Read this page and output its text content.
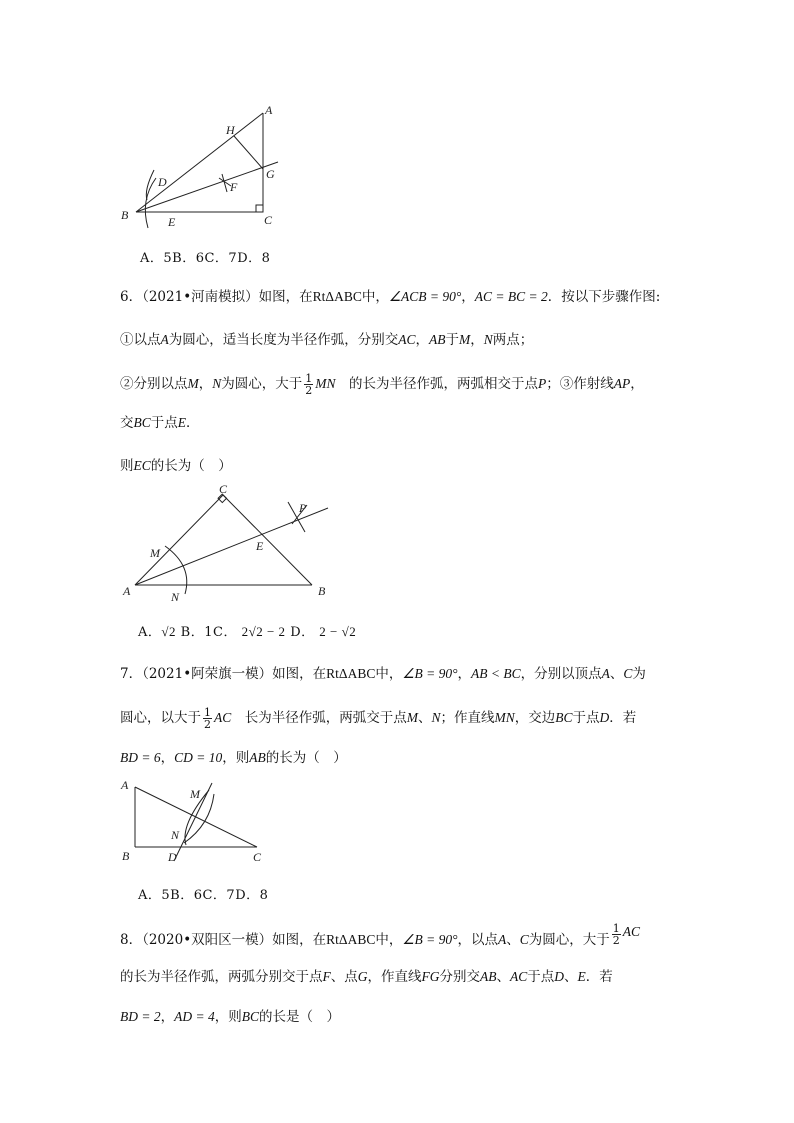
A
H
G
D	F
B	E	C
A．5B．6C．7D．8
6．（2021•河南模拟）如图，在RtΔABC中，∠ACB = 90°，AC = BC = 2．按以下步骤作图:
①以点A为圆心，适当长度为半径作弧，分别交AC，AB于M，N两点；
②分别以点M，N为圆心，大于 $\frac{1}{2}$ MN　 的长为半径作弧，两弧相交于点P；③作射线AP，
交BC于点E．
则EC的长为（　）
C
P
E
M
A	N	B
A．√2 B．1C． 2√2 − 2 D． 2 − √2
7．（2021•阿荣旗一模）如图，在RtΔABC中，∠B = 90°，AB < BC，分别以顶点A、C为
圆心，以大于 $\frac{1}{2}$ AC　 长为半径作弧，两弧交于点M、N；作直线MN，交边BC于点D．若
BD = 6，CD = 10，则AB的长为（　）
A
M
N
B	D	C
A．5B．6C．7D．8
8．（2020•双阳区一模）如图，在RtΔABC中，∠B = 90°，以点A、C为圆心，大于 $\frac{1}{2}$ AC
的长为半径作弧，两弧分别交于点F、点G，作直线FG分别交AB、AC于点D、E．若
BD = 2，AD = 4，则BC的长是（　）
